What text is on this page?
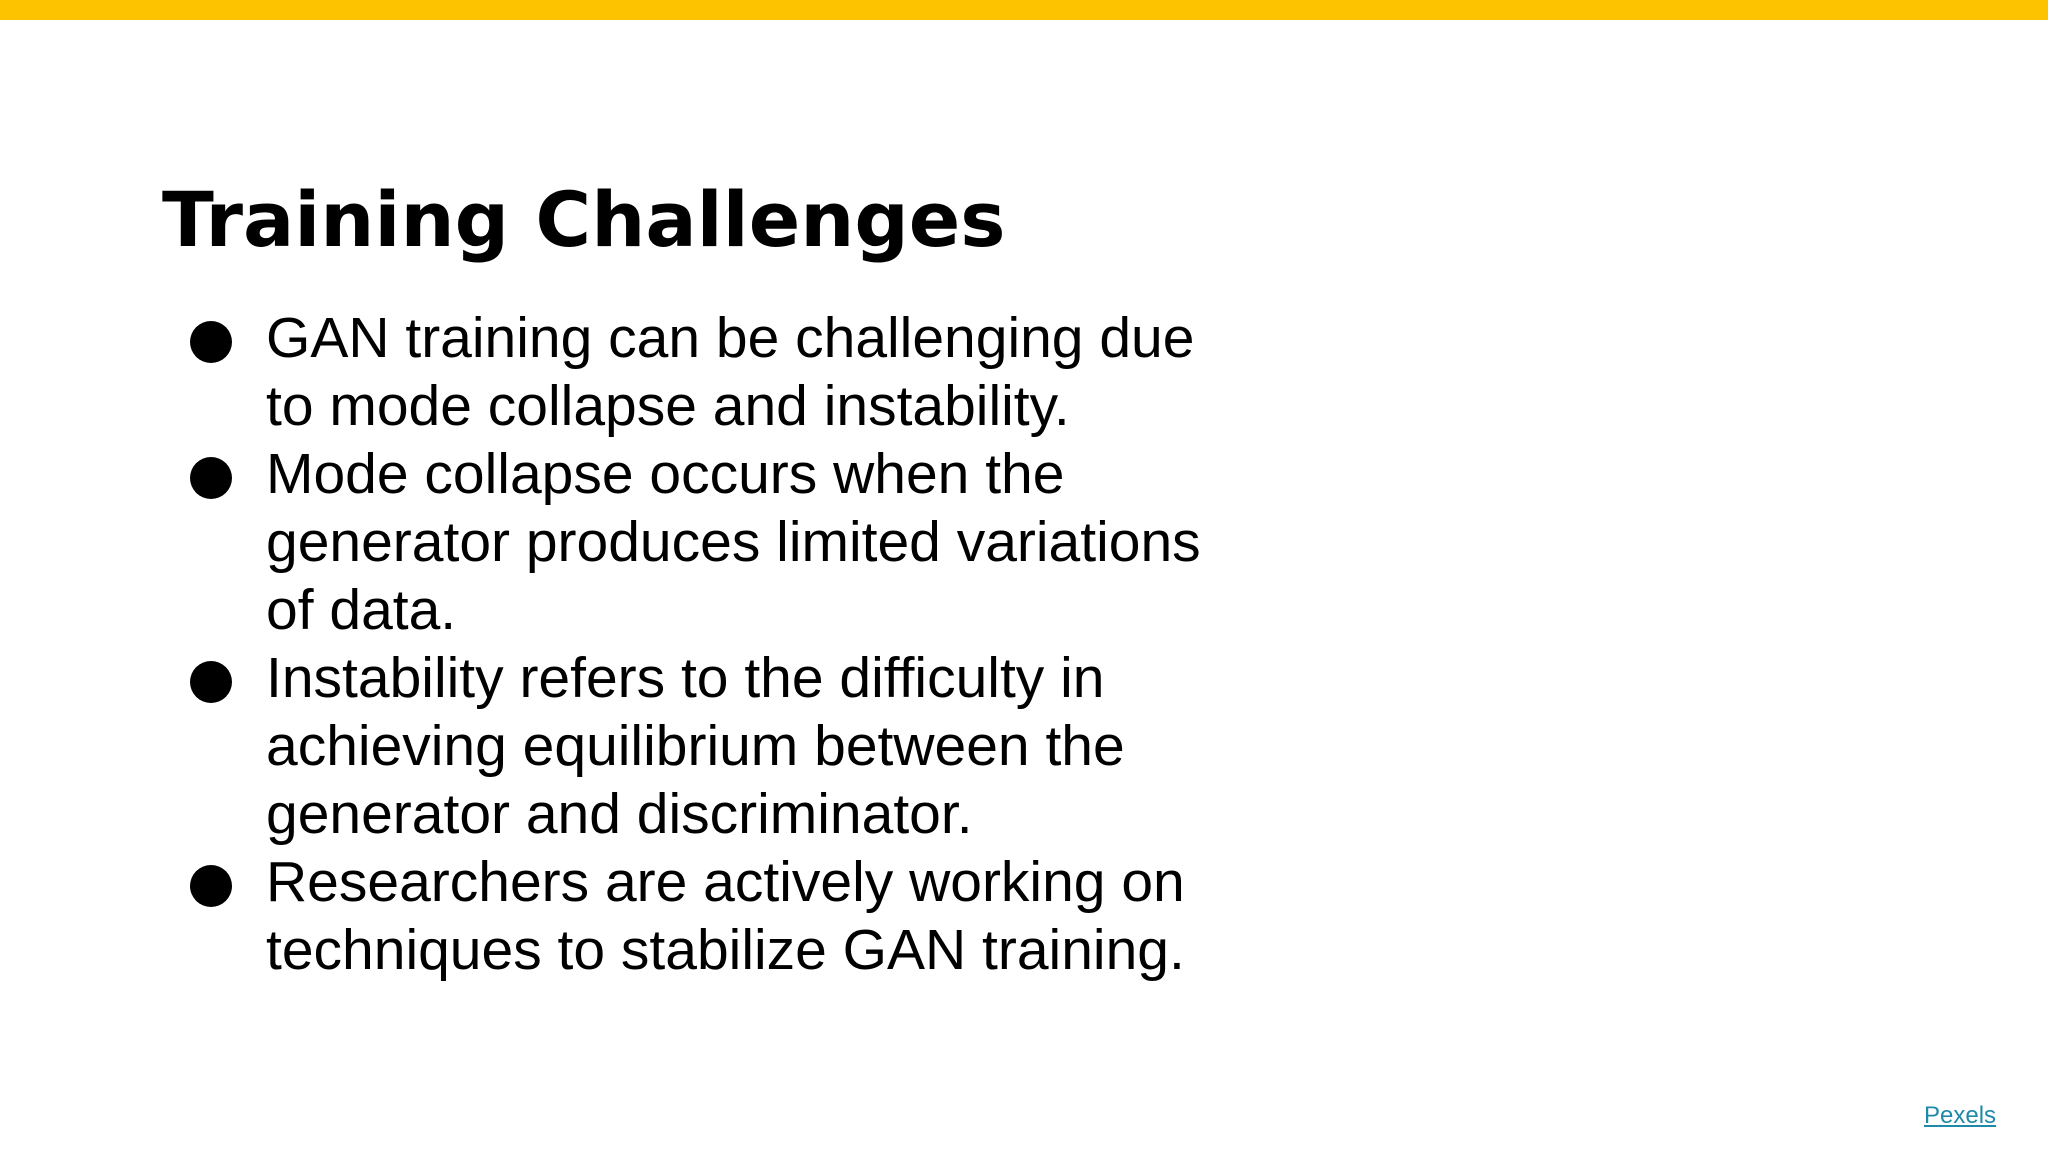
Training Challenges
GAN training can be challenging due to mode collapse and instability.
Mode collapse occurs when the generator produces limited variations of data.
Instability refers to the difficulty in achieving equilibrium between the generator and discriminator.
Researchers are actively working on techniques to stabilize GAN training.
Pexels
